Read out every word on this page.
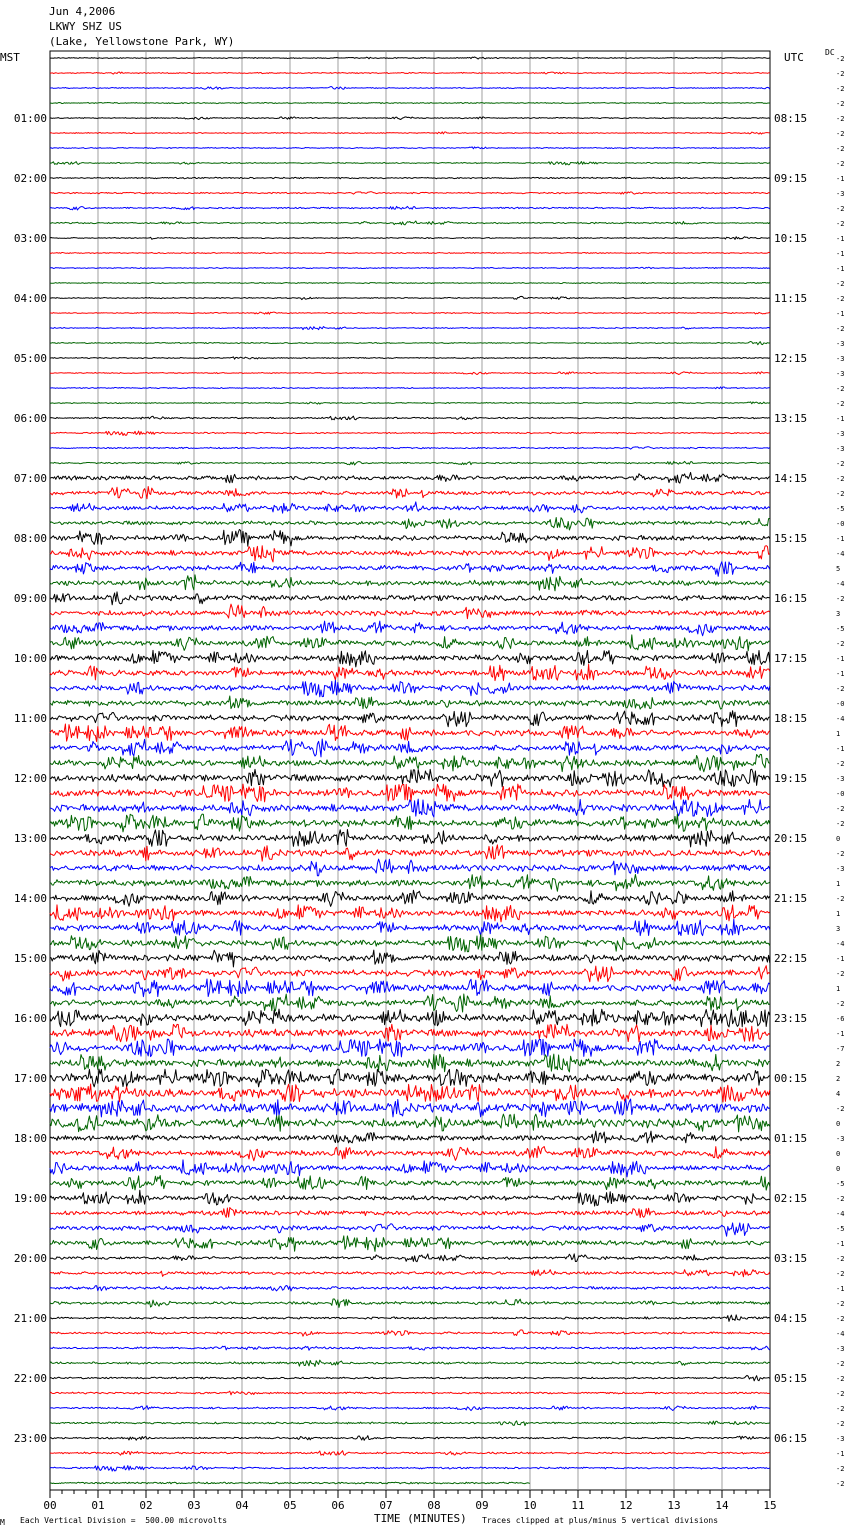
Jun 4,2006
LKWY SHZ US
(Lake, Yellowstone Park, WY)
MST	UTC	DC
-2
-2
-2
-2
-2
-2
-2
-2
-1
-3
-2
-2
-1
-1
-1
-2
-2
-1
-2
-3
-3
-3
-2
-2
-1
-3
-3
-2
-2
-2
-5
-0
-1
-4
5
-4
-2
3
-5
-2
-1
-1
-2
-0
-4
1
-1
-2
-3
-0
-2
-2
0
-2
-3
1
-2
1
3
-4
-1
-2
1
-2
-6
-1
-7
2
2
4
-2
0
-3
0
0
-5
-2
-4
-5
-1
-2
-2
-1
-2
-2
-4
-3
-2
-2
-2
-2
-2
-3
-1
-2
-2
01:00
02:00
03:00
04:00
05:00
06:00
07:00
08:00
09:00
10:00
11:00
12:00
13:00
14:00
15:00
16:00
17:00
18:00
19:00
20:00
21:00
22:00
23:00
08:15
09:15
10:15
11:15
12:15
13:15
14:15
15:15
16:15
17:15
18:15
19:15
20:15
21:15
22:15
23:15
00:15
01:15
02:15
03:15
04:15
05:15
06:15
00	01	02	03	04	05	06	07	08	09	10	11	12	13	14	15
TIME (MINUTES)
M Each Vertical Division =  500.00 microvolts	Traces clipped at plus/minus 5 vertical divisions
